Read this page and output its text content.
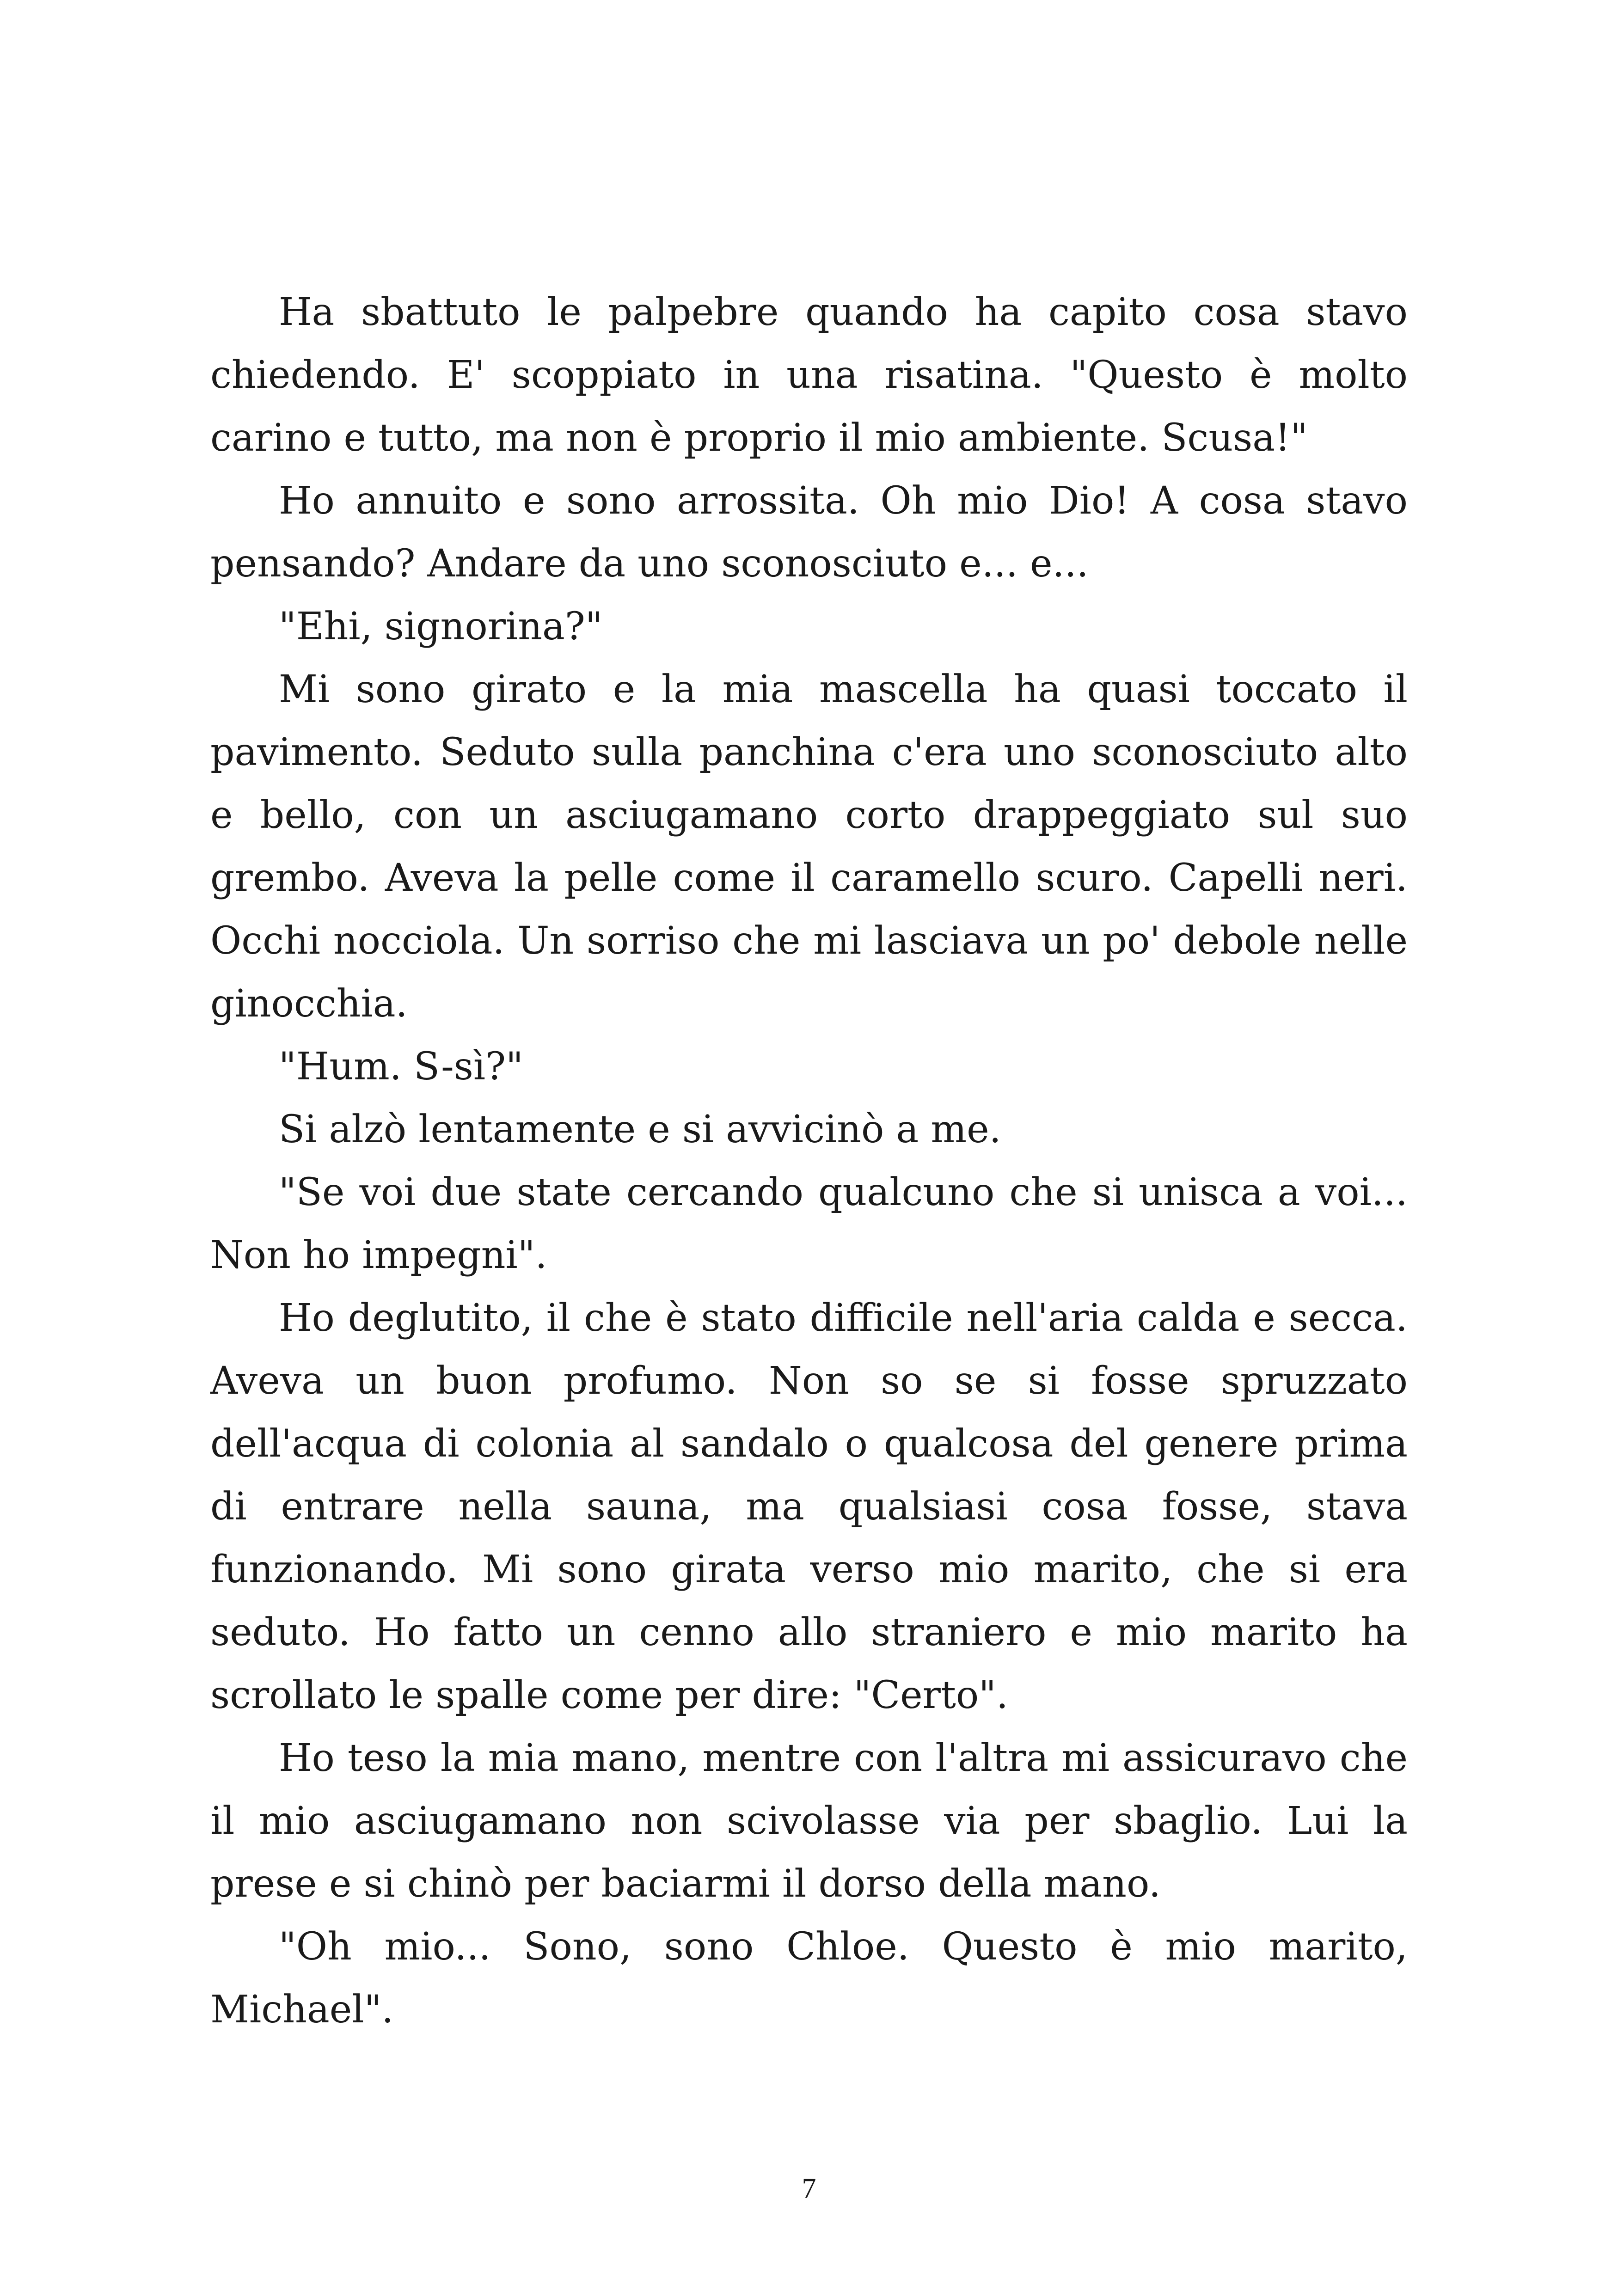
Ha sbattuto le palpebre quando ha capito cosa stavo chiedendo. E' scoppiato in una risatina. "Questo è molto carino e tutto, ma non è proprio il mio ambiente. Scusa!"

Ho annuito e sono arrossita. Oh mio Dio! A cosa stavo pensando? Andare da uno sconosciuto e... e...

"Ehi, signorina?"

Mi sono girato e la mia mascella ha quasi toccato il pavimento. Seduto sulla panchina c'era uno sconosciuto alto e bello, con un asciugamano corto drappeggiato sul suo grembo. Aveva la pelle come il caramello scuro. Capelli neri. Occhi nocciola. Un sorriso che mi lasciava un po' debole nelle ginocchia.

"Hum. S-sì?"

Si alzò lentamente e si avvicinò a me.

"Se voi due state cercando qualcuno che si unisca a voi... Non ho impegni".

Ho deglutito, il che è stato difficile nell'aria calda e secca. Aveva un buon profumo. Non so se si fosse spruzzato dell'acqua di colonia al sandalo o qualcosa del genere prima di entrare nella sauna, ma qualsiasi cosa fosse, stava funzionando. Mi sono girata verso mio marito, che si era seduto. Ho fatto un cenno allo straniero e mio marito ha scrollato le spalle come per dire: "Certo".

Ho teso la mia mano, mentre con l'altra mi assicuravo che il mio asciugamano non scivolasse via per sbaglio. Lui la prese e si chinò per baciarmi il dorso della mano.

"Oh mio... Sono, sono Chloe. Questo è mio marito, Michael".

7
